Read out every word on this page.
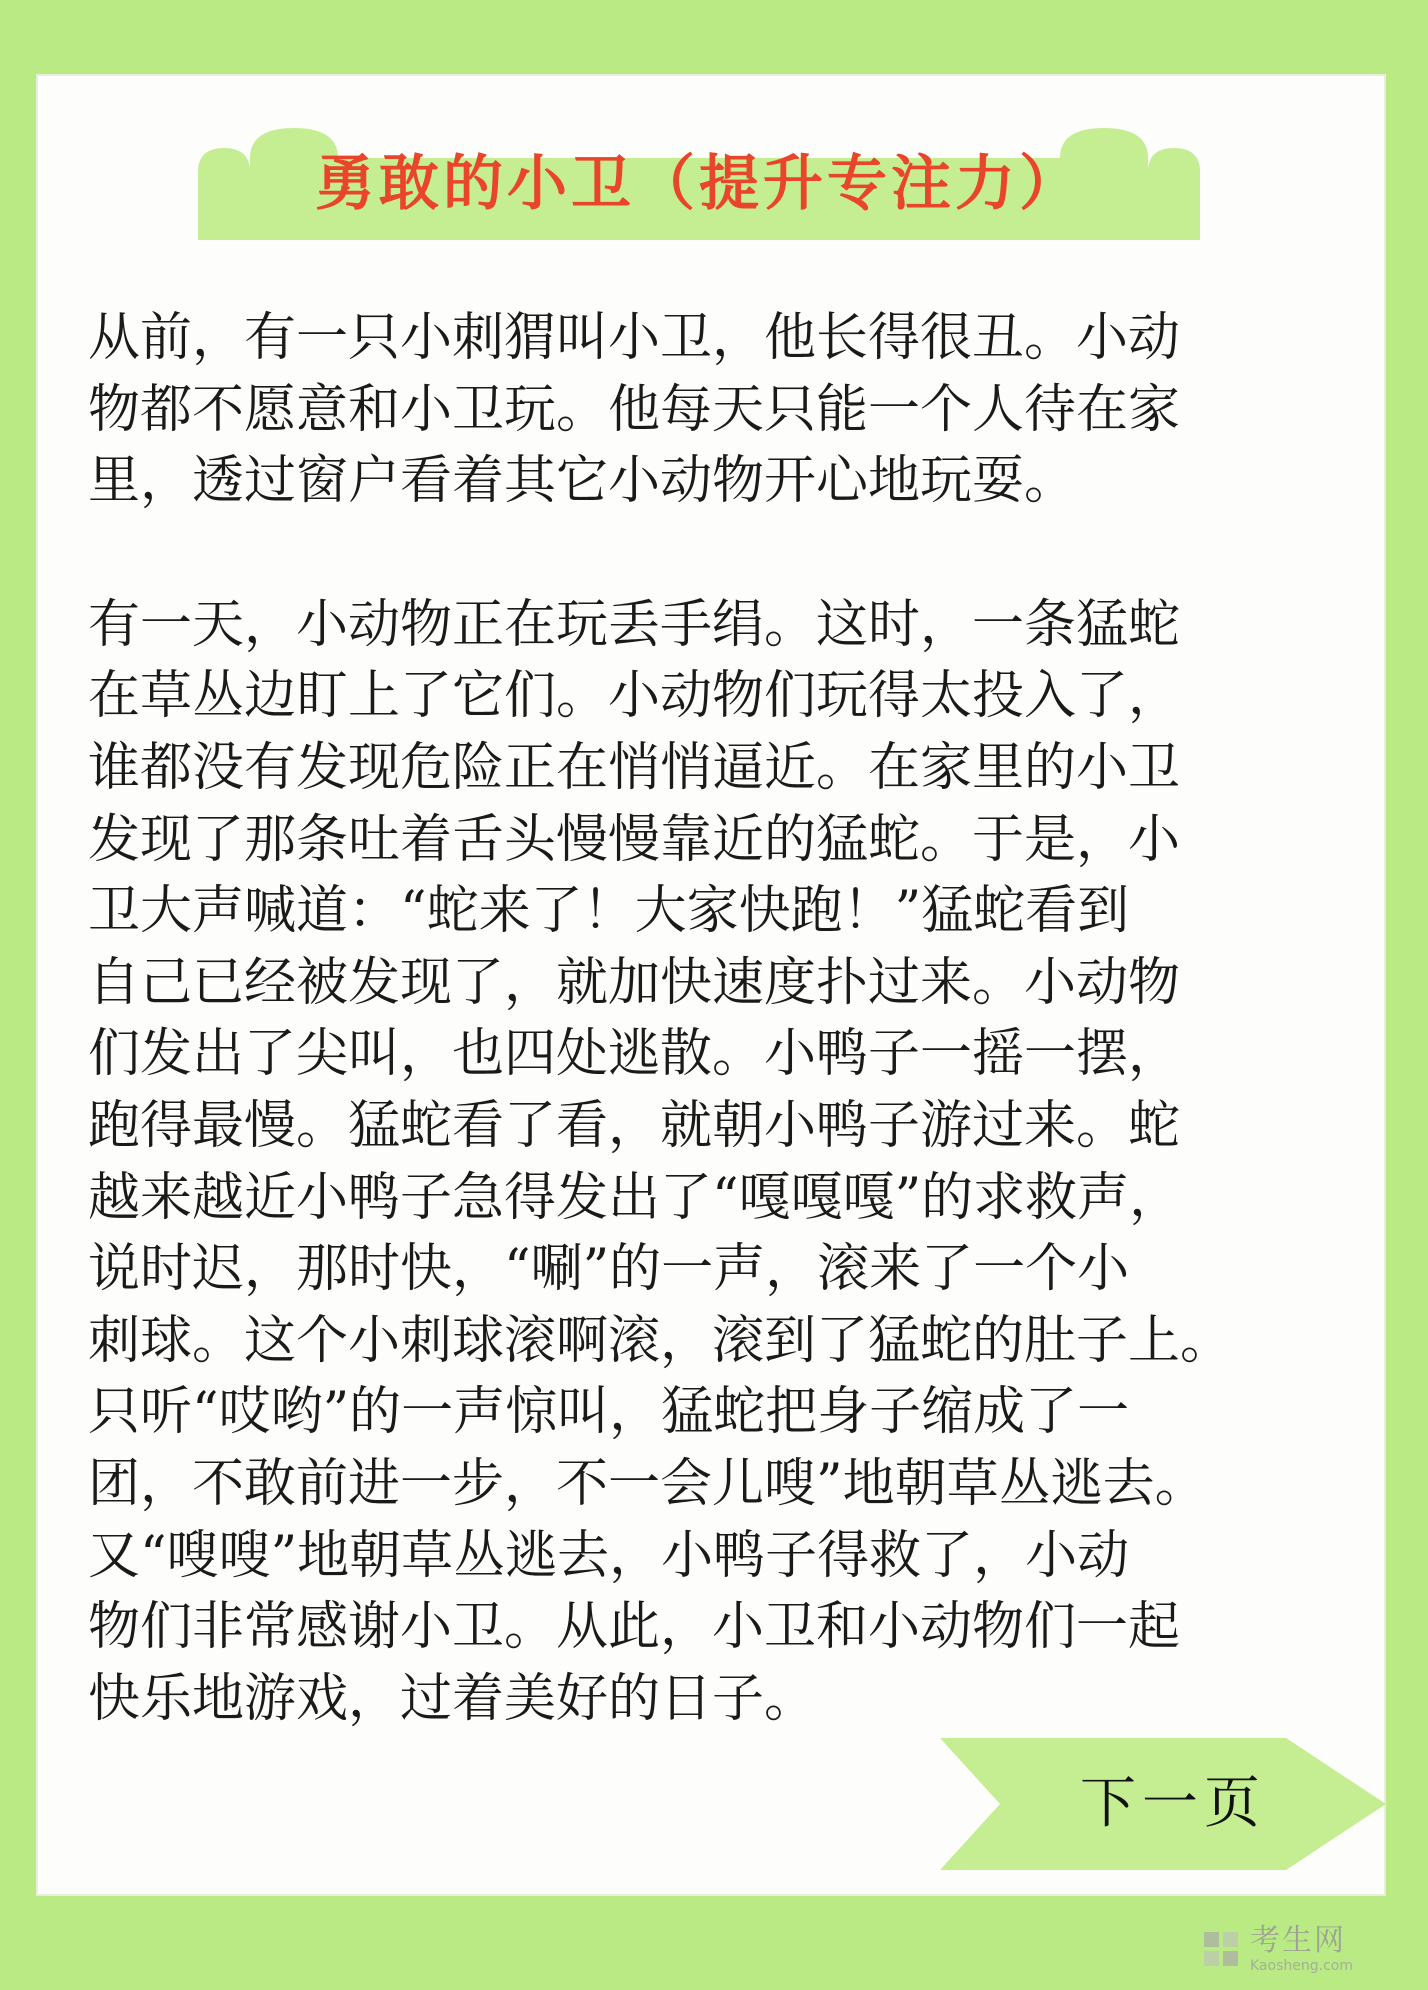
勇敢的小卫（提升专注力）

从前，有一只小刺猬叫小卫，他长得很丑。小动
物都不愿意和小卫玩。他每天只能一个人待在家
里，透过窗户看着其它小动物开心地玩耍。

有一天，小动物正在玩丢手绢。这时，一条猛蛇
在草丛边盯上了它们。小动物们玩得太投入了，
谁都没有发现危险正在悄悄逼近。在家里的小卫
发现了那条吐着舌头慢慢靠近的猛蛇。于是，小
卫大声喊道：“蛇来了！大家快跑！”猛蛇看到
自己已经被发现了，就加快速度扑过来。小动物
们发出了尖叫，也四处逃散。小鸭子一摇一摆，
跑得最慢。猛蛇看了看，就朝小鸭子游过来。蛇
越来越近小鸭子急得发出了“嘎嘎嘎”的求救声，
说时迟，那时快，“唰”的一声，滚来了一个小
刺球。这个小刺球滚啊滚，滚到了猛蛇的肚子上。
只听“哎哟”的一声惊叫，猛蛇把身子缩成了一
团，不敢前进一步，不一会儿嗖”地朝草丛逃去。
又“嗖嗖”地朝草丛逃去，小鸭子得救了，小动
物们非常感谢小卫。从此，小卫和小动物们一起
快乐地游戏，过着美好的日子。

下一页
考生网
Kaosheng.com
